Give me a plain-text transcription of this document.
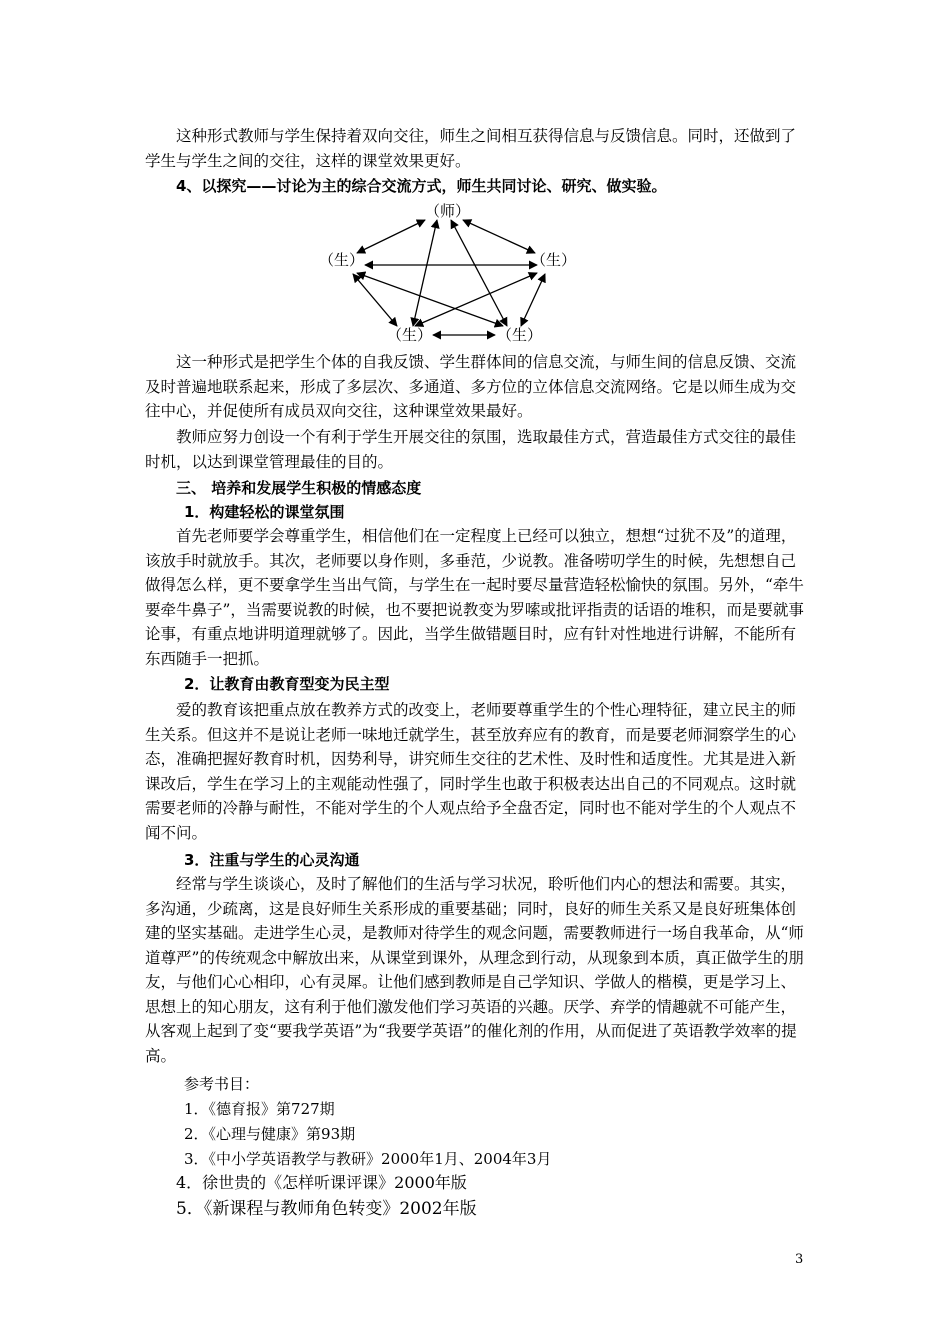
这种形式教师与学生保持着双向交往，师生之间相互获得信息与反馈信息。同时，还做到了学生与学生之间的交往，这样的课堂效果更好。

4、以探究——讨论为主的综合交流方式，师生共同讨论、研究、做实验。

（师）
（生）	（生）
（生）	（生）

这一种形式是把学生个体的自我反馈、学生群体间的信息交流，与师生间的信息反馈、交流及时普遍地联系起来，形成了多层次、多通道、多方位的立体信息交流网络。它是以师生成为交往中心，并促使所有成员双向交往，这种课堂效果最好。

教师应努力创设一个有利于学生开展交往的氛围，选取最佳方式，营造最佳方式交往的最佳时机，以达到课堂管理最佳的目的。

三、 培养和发展学生积极的情感态度

1．构建轻松的课堂氛围

首先老师要学会尊重学生，相信他们在一定程度上已经可以独立，想想“过犹不及”的道理，该放手时就放手。其次，老师要以身作则，多垂范，少说教。准备唠叨学生的时候，先想想自己做得怎么样，更不要拿学生当出气筒，与学生在一起时要尽量营造轻松愉快的氛围。另外，“牵牛要牵牛鼻子”，当需要说教的时候，也不要把说教变为罗嗦或批评指责的话语的堆积，而是要就事论事，有重点地讲明道理就够了。因此，当学生做错题目时，应有针对性地进行讲解，不能所有东西随手一把抓。

2．让教育由教育型变为民主型

爱的教育该把重点放在教养方式的改变上，老师要尊重学生的个性心理特征，建立民主的师生关系。但这并不是说让老师一味地迁就学生，甚至放弃应有的教育，而是要老师洞察学生的心态，准确把握好教育时机，因势利导，讲究师生交往的艺术性、及时性和适度性。尤其是进入新课改后，学生在学习上的主观能动性强了，同时学生也敢于积极表达出自己的不同观点。这时就需要老师的冷静与耐性，不能对学生的个人观点给予全盘否定，同时也不能对学生的个人观点不闻不问。

3．注重与学生的心灵沟通

经常与学生谈谈心，及时了解他们的生活与学习状况，聆听他们内心的想法和需要。其实，多沟通，少疏离，这是良好师生关系形成的重要基础；同时，良好的师生关系又是良好班集体创建的坚实基础。走进学生心灵，是教师对待学生的观念问题，需要教师进行一场自我革命，从“师道尊严”的传统观念中解放出来，从课堂到课外，从理念到行动，从现象到本质，真正做学生的朋友，与他们心心相印，心有灵犀。让他们感到教师是自己学知识、学做人的楷模，更是学习上、思想上的知心朋友，这有利于他们激发他们学习英语的兴趣。厌学、弃学的情趣就不可能产生，从客观上起到了变“要我学英语”为“我要学英语”的催化剂的作用，从而促进了英语教学效率的提高。

参考书目：
1．《德育报》第727期
2．《心理与健康》第93期
3．《中小学英语教学与教研》2000年1月、2004年3月
4．徐世贵的《怎样听课评课》2000年版
5．《新课程与教师角色转变》2002年版
3
